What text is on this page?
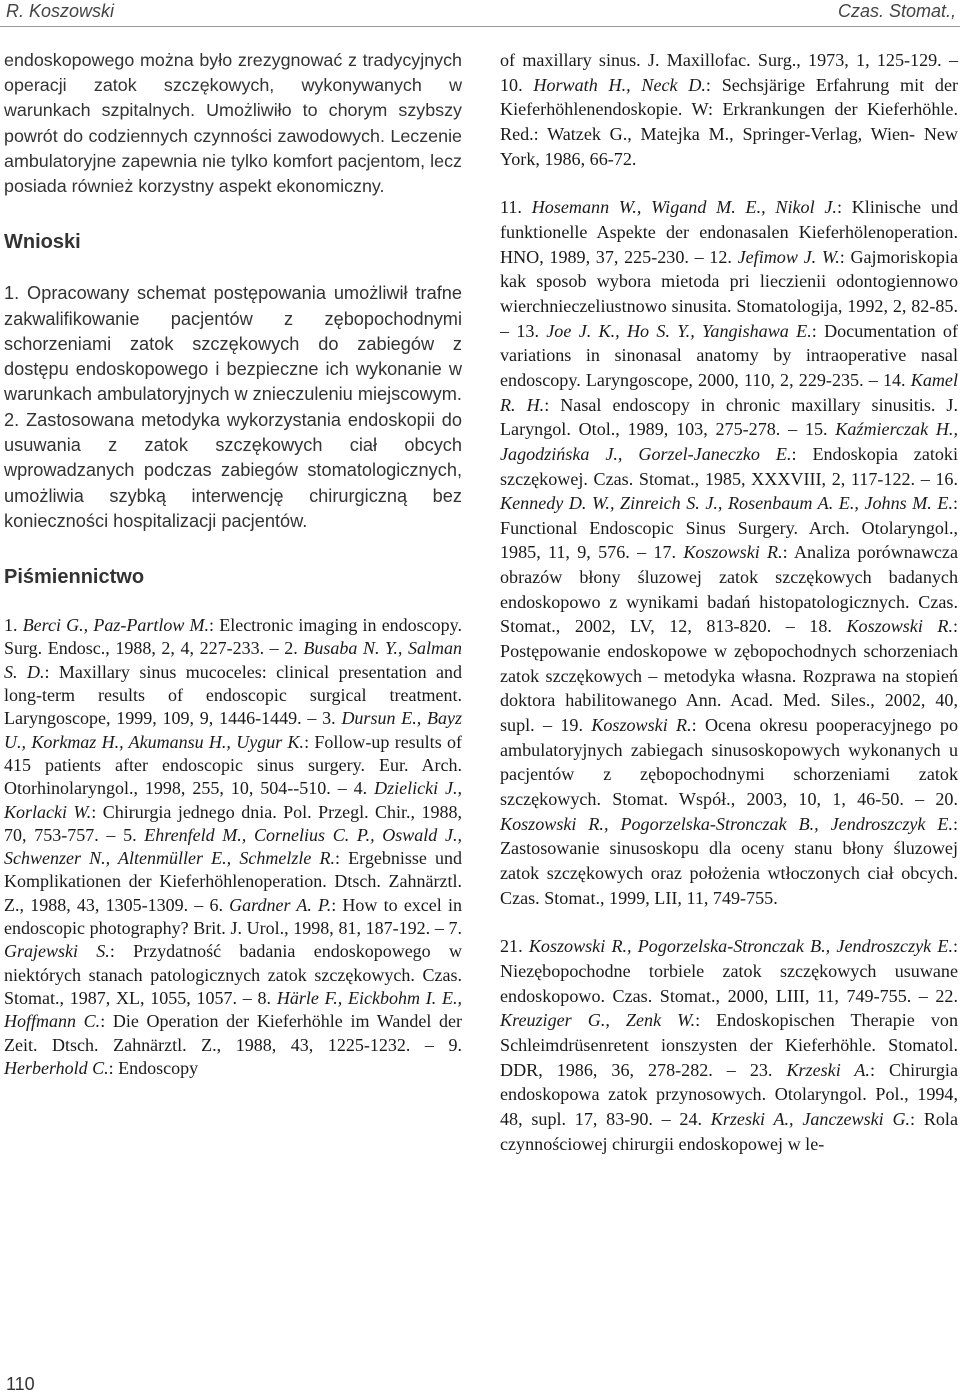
R. Koszowski	Czas. Stomat.,

endoskopowego można było zrezygnować z tradycyjnych operacji zatok szczękowych, wykonywanych w warunkach szpitalnych. Umożliwiło to chorym szybszy powrót do codziennych czynności zawodowych. Leczenie ambulatoryjne zapewnia nie tylko komfort pacjentom, lecz posiada również korzystny aspekt ekonomiczny.

Wnioski

1. Opracowany schemat postępowania umożliwił trafne zakwalifikowanie pacjentów z zębopochodnymi schorzeniami zatok szczękowych do zabiegów z dostępu endoskopowego i bezpieczne ich wykonanie w warunkach ambulatoryjnych w znieczuleniu miejscowym.

2. Zastosowana metodyka wykorzystania endoskopii do usuwania z zatok szczękowych ciał obcych wprowadzanych podczas zabiegów stomatologicznych, umożliwia szybką interwencję chirurgiczną bez konieczności hospitalizacji pacjentów.

Piśmiennictwo

1. Berci G., Paz-Partlow M.: Electronic imaging in endoscopy. Surg. Endosc., 1988, 2, 4, 227-233. – 2. Busaba N. Y., Salman S. D.: Maxillary sinus mucoceles: clinical presentation and long-term results of endoscopic surgical treatment. Laryngoscope, 1999, 109, 9, 1446-1449. – 3. Dursun E., Bayz U., Korkmaz H., Akumansu H., Uygur K.: Follow-up results of 415 patients after endoscopic sinus surgery. Eur. Arch. Otorhinolaryngol., 1998, 255, 10, 504--510. – 4. Dzielicki J., Korlacki W.: Chirurgia jednego dnia. Pol. Przegl. Chir., 1988, 70, 753-757. – 5. Ehrenfeld M., Cornelius C. P., Oswald J., Schwenzer N., Altenmüller E., Schmelzle R.: Ergebnisse und Komplikationen der Kieferhöhlenoperation. Dtsch. Zahnärztl. Z., 1988, 43, 1305-1309. – 6. Gardner A. P.: How to excel in endoscopic photography? Brit. J. Urol., 1998, 81, 187-192. – 7. Grajewski S.: Przydatność badania endoskopowego w niektórych stanach patologicznych zatok szczękowych. Czas. Stomat., 1987, XL, 1055, 1057. – 8. Härle F., Eickbohm I. E., Hoffmann C.: Die Operation der Kieferhöhle im Wandel der Zeit. Dtsch. Zahnärztl. Z., 1988, 43, 1225-1232. – 9. Herberhold C.: Endoscopy

of maxillary sinus. J. Maxillofac. Surg., 1973, 1, 125-129. – 10. Horwath H., Neck D.: Sechsjärige Erfahrung mit der Kieferhöhlenendoskopie. W: Erkrankungen der Kieferhöhle. Red.: Watzek G., Matejka M., Springer-Verlag, Wien- New York, 1986, 66-72.

11. Hosemann W., Wigand M. E., Nikol J.: Klinische und funktionelle Aspekte der endonasalen Kieferhölenoperation. HNO, 1989, 37, 225-230. – 12. Jefimow J. W.: Gajmoriskopia kak sposob wybora mietoda pri lieczienii odontogiennowo wierchnieczeliustnowo sinusita. Stomatologija, 1992, 2, 82-85. – 13. Joe J. K., Ho S. Y., Yangishawa E.: Documentation of variations in sinonasal anatomy by intraoperative nasal endoscopy. Laryngoscope, 2000, 110, 2, 229-235. – 14. Kamel R. H.: Nasal endoscopy in chronic maxillary sinusitis. J. Laryngol. Otol., 1989, 103, 275-278. – 15. Kaźmierczak H., Jagodzińska J., Gorzel-Janeczko E.: Endoskopia zatoki szczękowej. Czas. Stomat., 1985, XXXVIII, 2, 117-122. – 16. Kennedy D. W., Zinreich S. J., Rosenbaum A. E., Johns M. E.: Functional Endoscopic Sinus Surgery. Arch. Otolaryngol., 1985, 11, 9, 576. – 17. Koszowski R.: Analiza porównawcza obrazów błony śluzowej zatok szczękowych badanych endoskopowo z wynikami badań histopatologicznych. Czas. Stomat., 2002, LV, 12, 813-820. – 18. Koszowski R.: Postępowanie endoskopowe w zębopochodnych schorzeniach zatok szczękowych – metodyka własna. Rozprawa na stopień doktora habilitowanego Ann. Acad. Med. Siles., 2002, 40, supl. – 19. Koszowski R.: Ocena okresu pooperacyjnego po ambulatoryjnych zabiegach sinusoskopowych wykonanych u pacjentów z zębopochodnymi schorzeniami zatok szczękowych. Stomat. Współ., 2003, 10, 1, 46-50. – 20. Koszowski R., Pogorzelska-Stronczak B., Jendroszczyk E.: Zastosowanie sinusoskopu dla oceny stanu błony śluzowej zatok szczękowych oraz położenia wtłoczonych ciał obcych. Czas. Stomat., 1999, LII, 11, 749-755.

21. Koszowski R., Pogorzelska-Stronczak B., Jendroszczyk E.: Niezębopochodne torbiele zatok szczękowych usuwane endoskopowo. Czas. Stomat., 2000, LIII, 11, 749-755. – 22. Kreuziger G., Zenk W.: Endoskopischen Therapie von Schleimdrüsenretent ionszysten der Kieferhöhle. Stomatol. DDR, 1986, 36, 278-282. – 23. Krzeski A.: Chirurgia endoskopowa zatok przynosowych. Otolaryngol. Pol., 1994, 48, supl. 17, 83-90. – 24. Krzeski A., Janczewski G.: Rola czynnościowej chirurgii endoskopowej w le-

110
